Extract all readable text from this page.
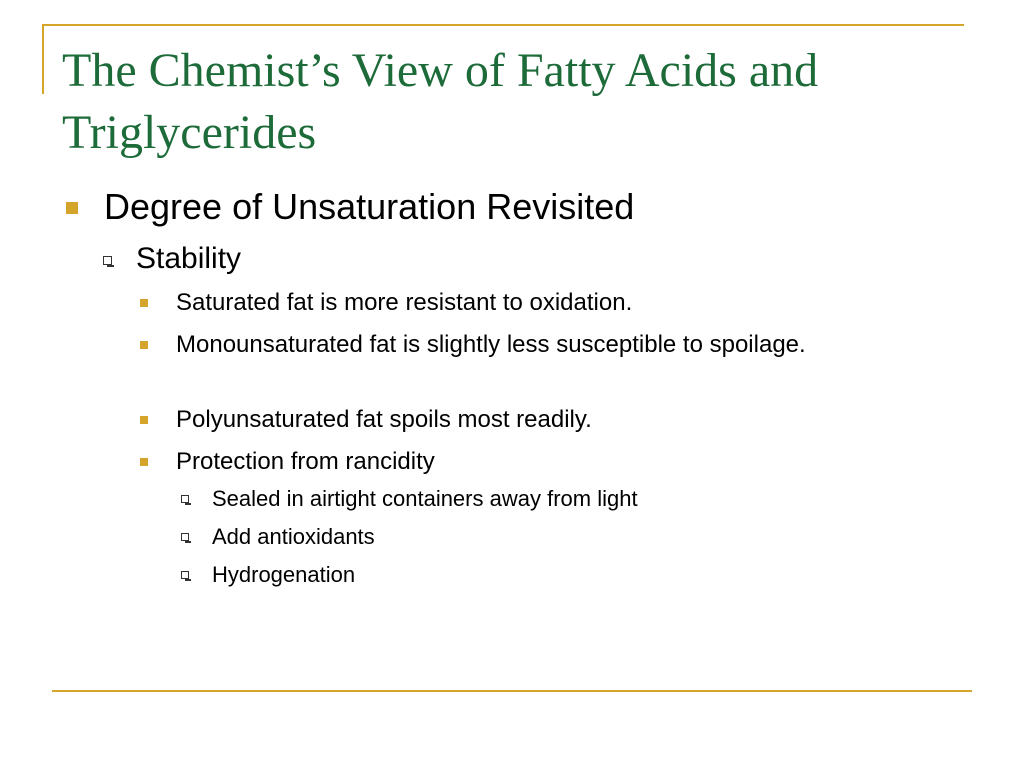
The Chemist’s View of Fatty Acids and Triglycerides
Degree of Unsaturation Revisited
Stability
Saturated fat is more resistant to oxidation.
Monounsaturated fat is slightly less susceptible to spoilage.
Polyunsaturated fat spoils most readily.
Protection from rancidity
Sealed in airtight containers away from light
Add antioxidants
Hydrogenation
